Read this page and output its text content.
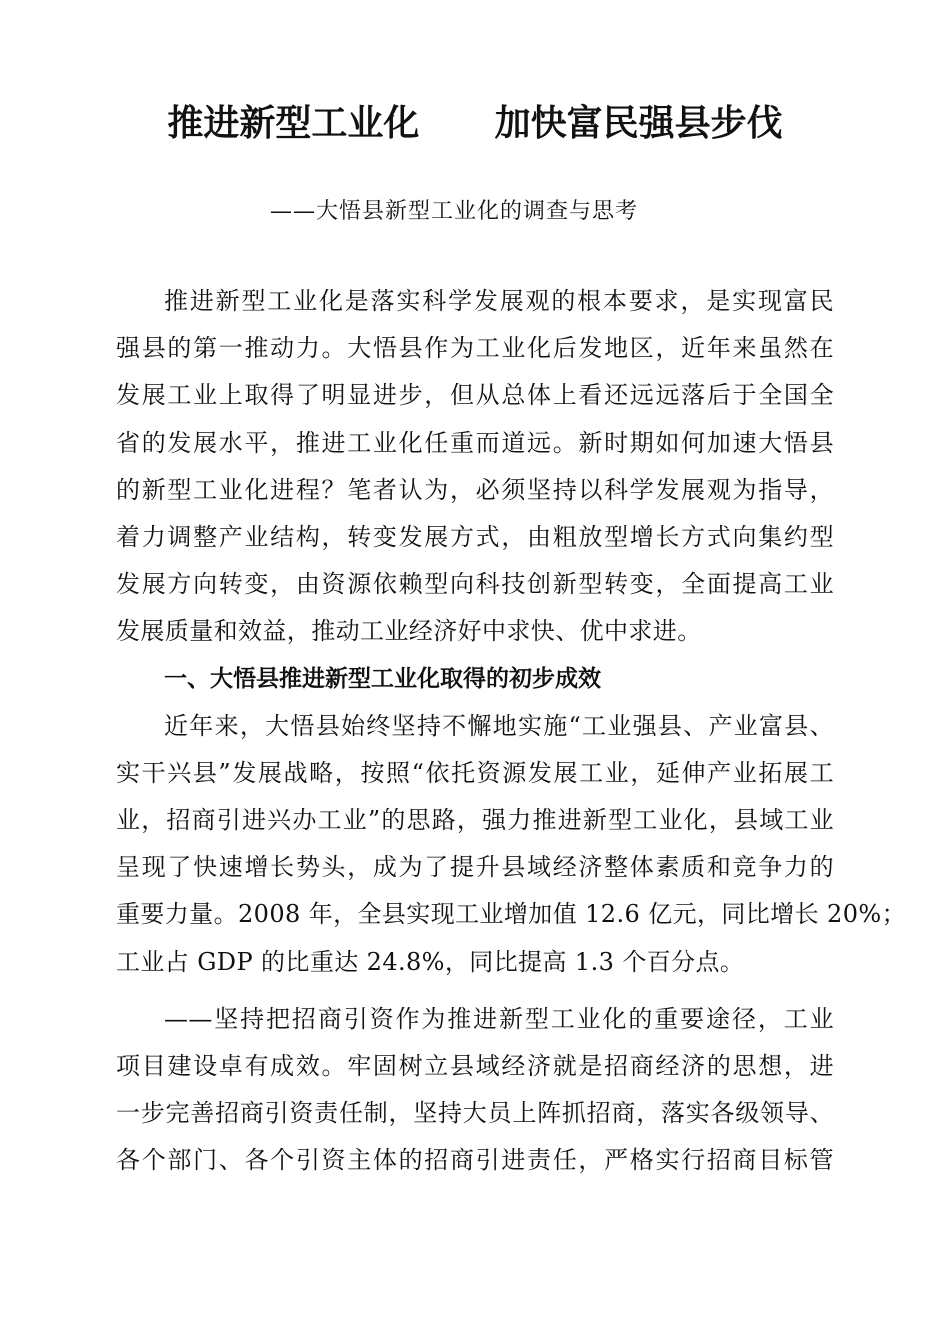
推进新型工业化      加快富民强县步伐
——大悟县新型工业化的调查与思考
推进新型工业化是落实科学发展观的根本要求，是实现富民
强县的第一推动力。大悟县作为工业化后发地区，近年来虽然在
发展工业上取得了明显进步，但从总体上看还远远落后于全国全
省的发展水平，推进工业化任重而道远。新时期如何加速大悟县
的新型工业化进程？笔者认为，必须坚持以科学发展观为指导，
着力调整产业结构，转变发展方式，由粗放型增长方式向集约型
发展方向转变，由资源依赖型向科技创新型转变，全面提高工业
发展质量和效益，推动工业经济好中求快、优中求进。
一、大悟县推进新型工业化取得的初步成效
近年来，大悟县始终坚持不懈地实施“工业强县、产业富县、
实干兴县”发展战略，按照“依托资源发展工业，延伸产业拓展工
业，招商引进兴办工业”的思路，强力推进新型工业化，县域工业
呈现了快速增长势头，成为了提升县域经济整体素质和竞争力的
重要力量。2008 年，全县实现工业增加值 12.6 亿元，同比增长 20%；
工业占 GDP 的比重达 24.8%，同比提高 1.3 个百分点。
——坚持把招商引资作为推进新型工业化的重要途径，工业
项目建设卓有成效。牢固树立县域经济就是招商经济的思想，进
一步完善招商引资责任制，坚持大员上阵抓招商，落实各级领导、
各个部门、各个引资主体的招商引进责任，严格实行招商目标管
